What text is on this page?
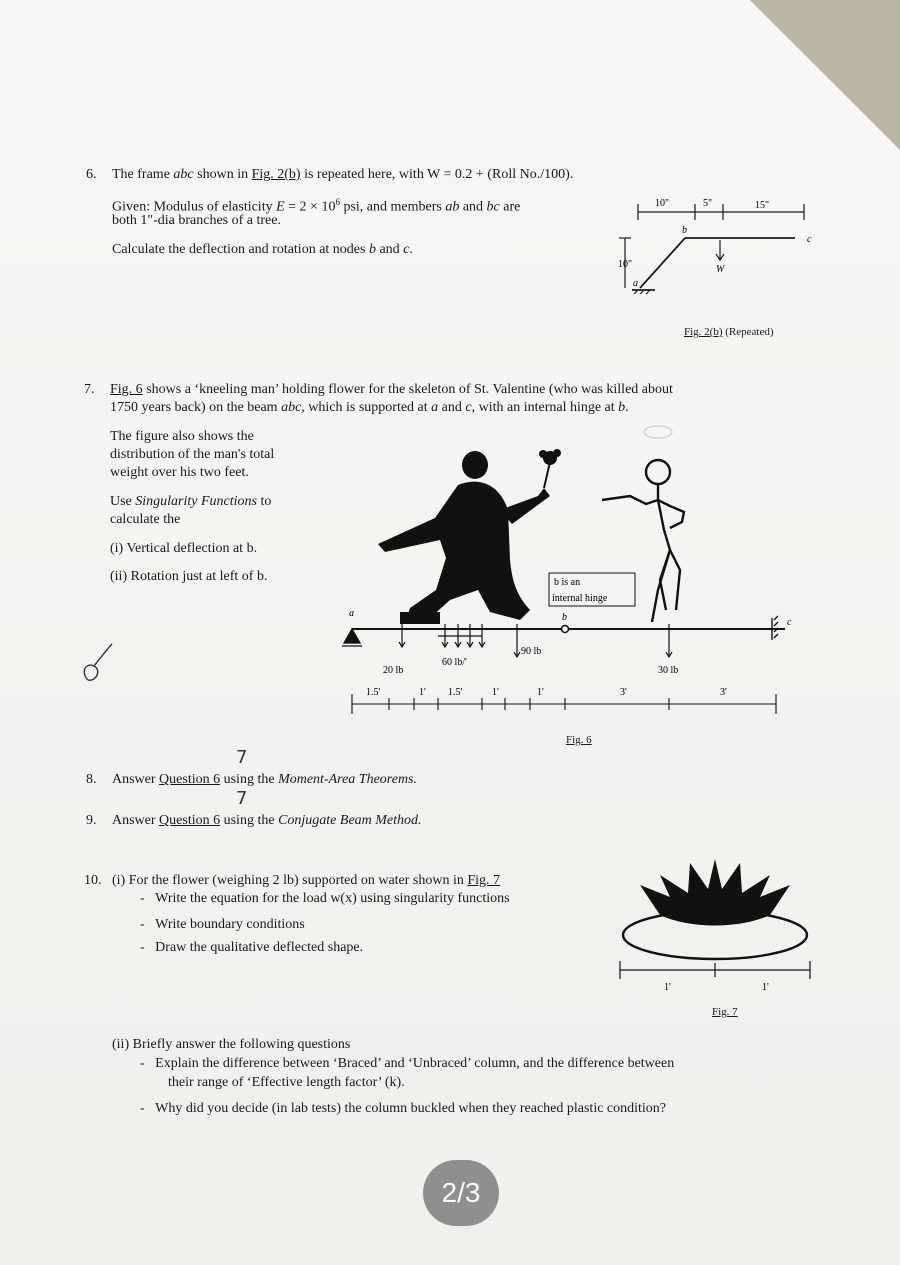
6. The frame abc shown in Fig. 2(b) is repeated here, with W = 0.2 + (Roll No./100).
Given: Modulus of elasticity $E = 2 \times 10^6$ psi, and members ab and bc are
both 1"-dia branches of a tree.
Calculate the deflection and rotation at nodes b and c.
10"	5"	15"
10"
a
b
c
W
Fig. 2(b) (Repeated)
7. Fig. 6 shows a ‘kneeling man’ holding flower for the skeleton of St. Valentine (who was killed about
1750 years back) on the beam abc, which is supported at a and c, with an internal hinge at b.
The figure also shows the
distribution of the man's total
weight over his two feet.
Use Singularity Functions to
calculate the
(i) Vertical deflection at b.
(ii) Rotation just at left of b.	b is an
internal hinge
a	b	c
20 lb
60 lb/'
90 lb
30 lb
1.5'	1' 1.5'	1'	1'	3'	3'
Fig. 6
7
8. Answer Question 6 using the Moment-Area Theorems.
7
9. Answer Question 6 using the Conjugate Beam Method.
10. (i) For the flower (weighing 2 lb) supported on water shown in Fig. 7
-   Write the equation for the load w(x) using singularity functions
-   Write boundary conditions
-   Draw the qualitative deflected shape.
1'	1'
Fig. 7
(ii) Briefly answer the following questions
-   Explain the difference between ‘Braced’ and ‘Unbraced’ column, and the difference between
their range of ‘Effective length factor’ (k).
-   Why did you decide (in lab tests) the column buckled when they reached plastic condition?
2/3
